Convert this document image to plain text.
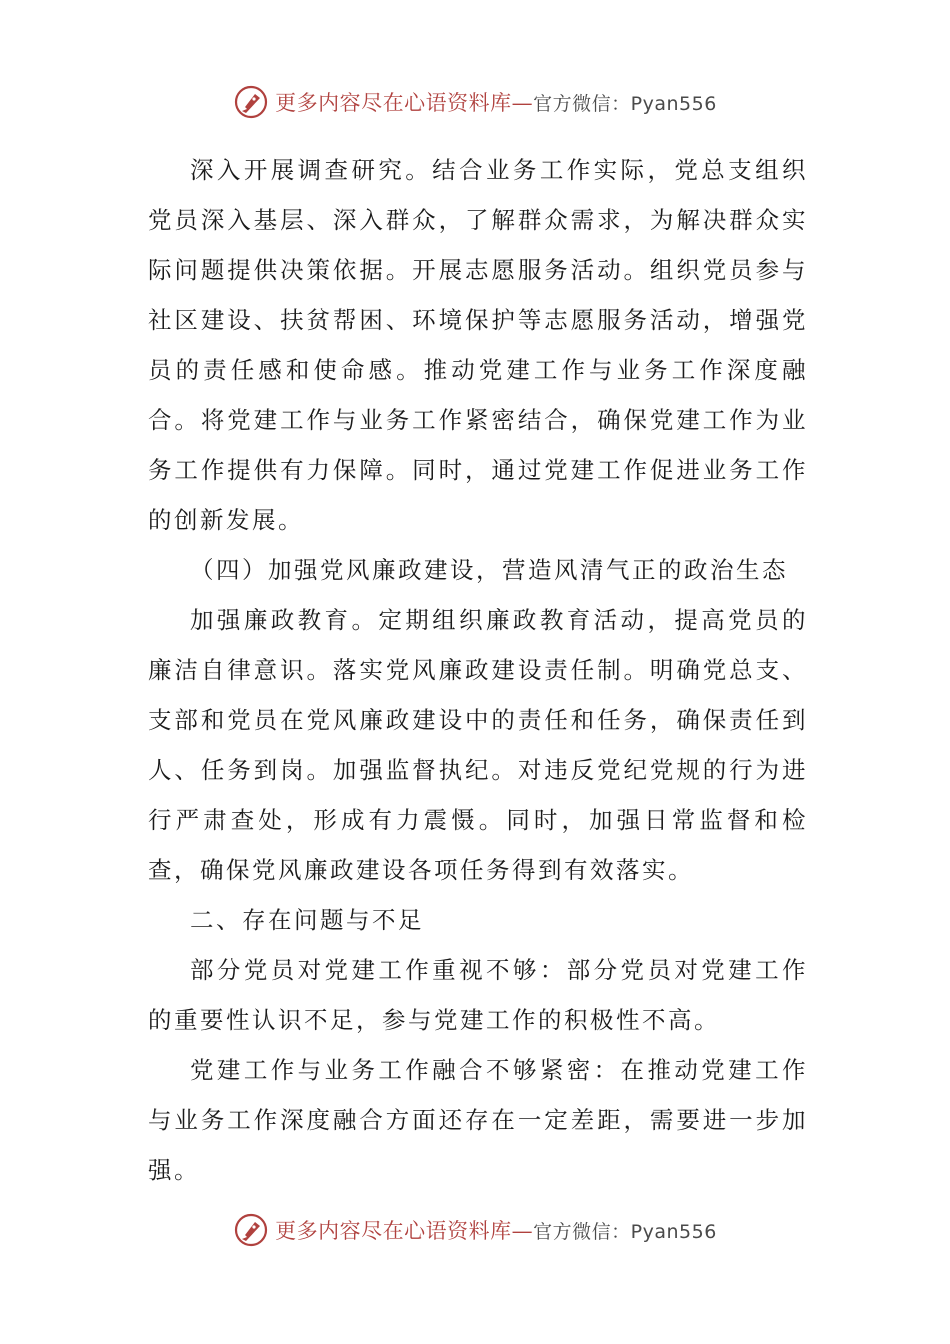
更多内容尽在心语资料库—官方微信：Pyan556

深入开展调查研究。结合业务工作实际，党总支组织党员深入基层、深入群众，了解群众需求，为解决群众实际问题提供决策依据。开展志愿服务活动。组织党员参与社区建设、扶贫帮困、环境保护等志愿服务活动，增强党员的责任感和使命感。推动党建工作与业务工作深度融合。将党建工作与业务工作紧密结合，确保党建工作为业务工作提供有力保障。同时，通过党建工作促进业务工作的创新发展。

（四）加强党风廉政建设，营造风清气正的政治生态

加强廉政教育。定期组织廉政教育活动，提高党员的廉洁自律意识。落实党风廉政建设责任制。明确党总支、支部和党员在党风廉政建设中的责任和任务，确保责任到人、任务到岗。加强监督执纪。对违反党纪党规的行为进行严肃查处，形成有力震慑。同时，加强日常监督和检查，确保党风廉政建设各项任务得到有效落实。

二、存在问题与不足

部分党员对党建工作重视不够：部分党员对党建工作的重要性认识不足，参与党建工作的积极性不高。

党建工作与业务工作融合不够紧密：在推动党建工作与业务工作深度融合方面还存在一定差距，需要进一步加强。

更多内容尽在心语资料库—官方微信：Pyan556
